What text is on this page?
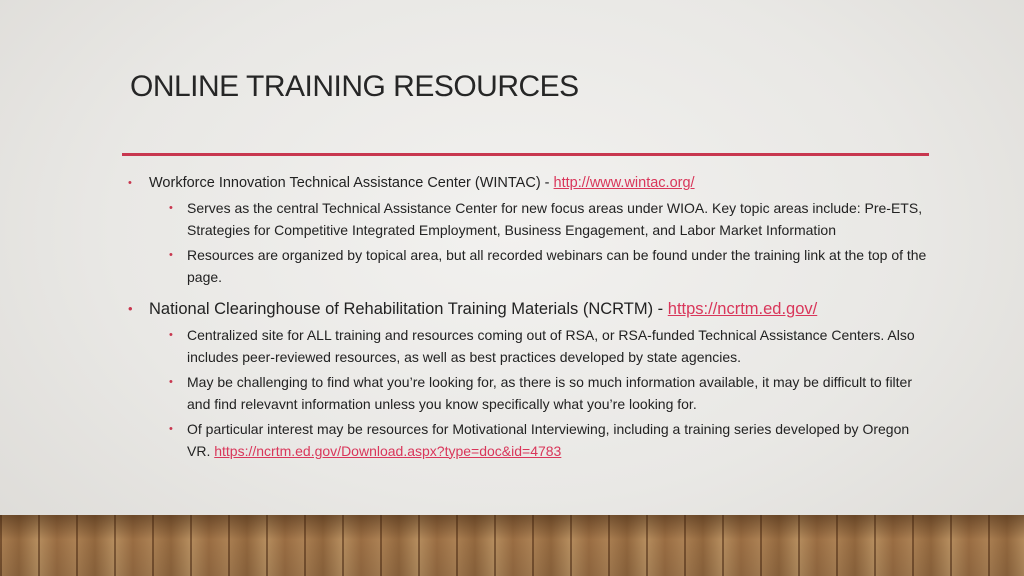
ONLINE TRAINING RESOURCES
• Workforce Innovation Technical Assistance Center (WINTAC) - http://www.wintac.org/
• Serves as the central Technical Assistance Center for new focus areas under WIOA. Key topic areas include: Pre-ETS, Strategies for Competitive Integrated Employment, Business Engagement, and Labor Market Information
• Resources are organized by topical area, but all recorded webinars can be found under the training link at the top of the page.
• National Clearinghouse of Rehabilitation Training Materials (NCRTM) - https://ncrtm.ed.gov/
• Centralized site for ALL training and resources coming out of RSA, or RSA-funded Technical Assistance Centers. Also includes peer-reviewed resources, as well as best practices developed by state agencies.
• May be challenging to find what you’re looking for, as there is so much information available, it may be difficult to filter and find relevavnt information unless you know specifically what you’re looking for.
• Of particular interest may be resources for Motivational Interviewing, including a training series developed by Oregon VR. https://ncrtm.ed.gov/Download.aspx?type=doc&id=4783
